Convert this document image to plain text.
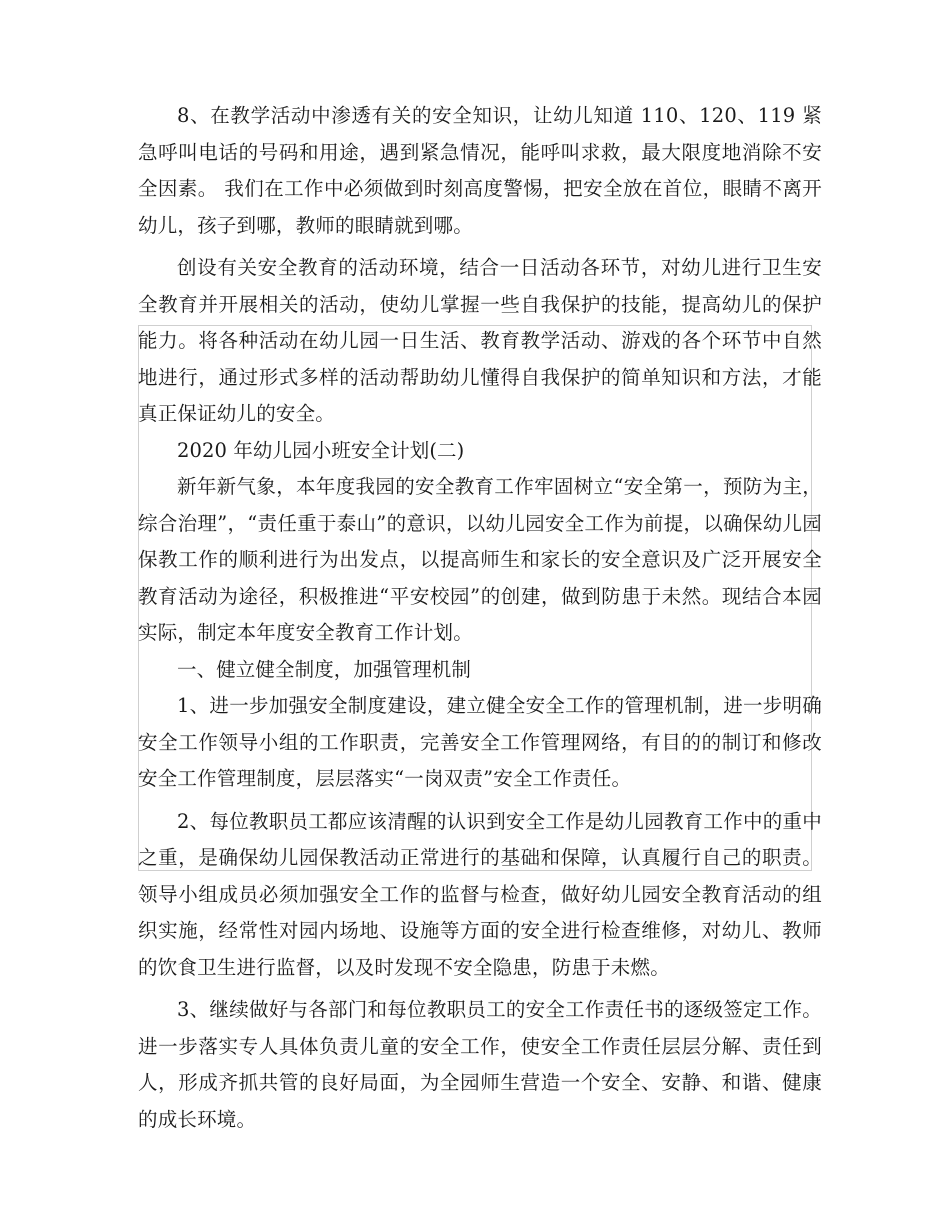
8、在教学活动中渗透有关的安全知识，让幼儿知道 110、120、119 紧急呼叫电话的号码和用途，遇到紧急情况，能呼叫求救，最大限度地消除不安全因素。 我们在工作中必须做到时刻高度警惕，把安全放在首位，眼睛不离开幼儿，孩子到哪，教师的眼睛就到哪。

创设有关安全教育的活动环境，结合一日活动各环节，对幼儿进行卫生安全教育并开展相关的活动，使幼儿掌握一些自我保护的技能，提高幼儿的保护能力。将各种活动在幼儿园一日生活、教育教学活动、游戏的各个环节中自然地进行，通过形式多样的活动帮助幼儿懂得自我保护的简单知识和方法，才能真正保证幼儿的安全。

2020 年幼儿园小班安全计划(二)

新年新气象，本年度我园的安全教育工作牢固树立“安全第一，预防为主，综合治理”，“责任重于泰山”的意识，以幼儿园安全工作为前提，以确保幼儿园保教工作的顺利进行为出发点，以提高师生和家长的安全意识及广泛开展安全教育活动为途径，积极推进“平安校园”的创建，做到防患于未然。现结合本园实际，制定本年度安全教育工作计划。

一、健立健全制度，加强管理机制

1、进一步加强安全制度建设，建立健全安全工作的管理机制，进一步明确安全工作领导小组的工作职责，完善安全工作管理网络，有目的的制订和修改安全工作管理制度，层层落实“一岗双责”安全工作责任。

2、每位教职员工都应该清醒的认识到安全工作是幼儿园教育工作中的重中之重，是确保幼儿园保教活动正常进行的基础和保障，认真履行自己的职责。领导小组成员必须加强安全工作的监督与检查，做好幼儿园安全教育活动的组织实施，经常性对园内场地、设施等方面的安全进行检查维修，对幼儿、教师的饮食卫生进行监督，以及时发现不安全隐患，防患于未燃。

3、继续做好与各部门和每位教职员工的安全工作责任书的逐级签定工作。进一步落实专人具体负责儿童的安全工作，使安全工作责任层层分解、责任到人，形成齐抓共管的良好局面，为全园师生营造一个安全、安静、和谐、健康的成长环境。
